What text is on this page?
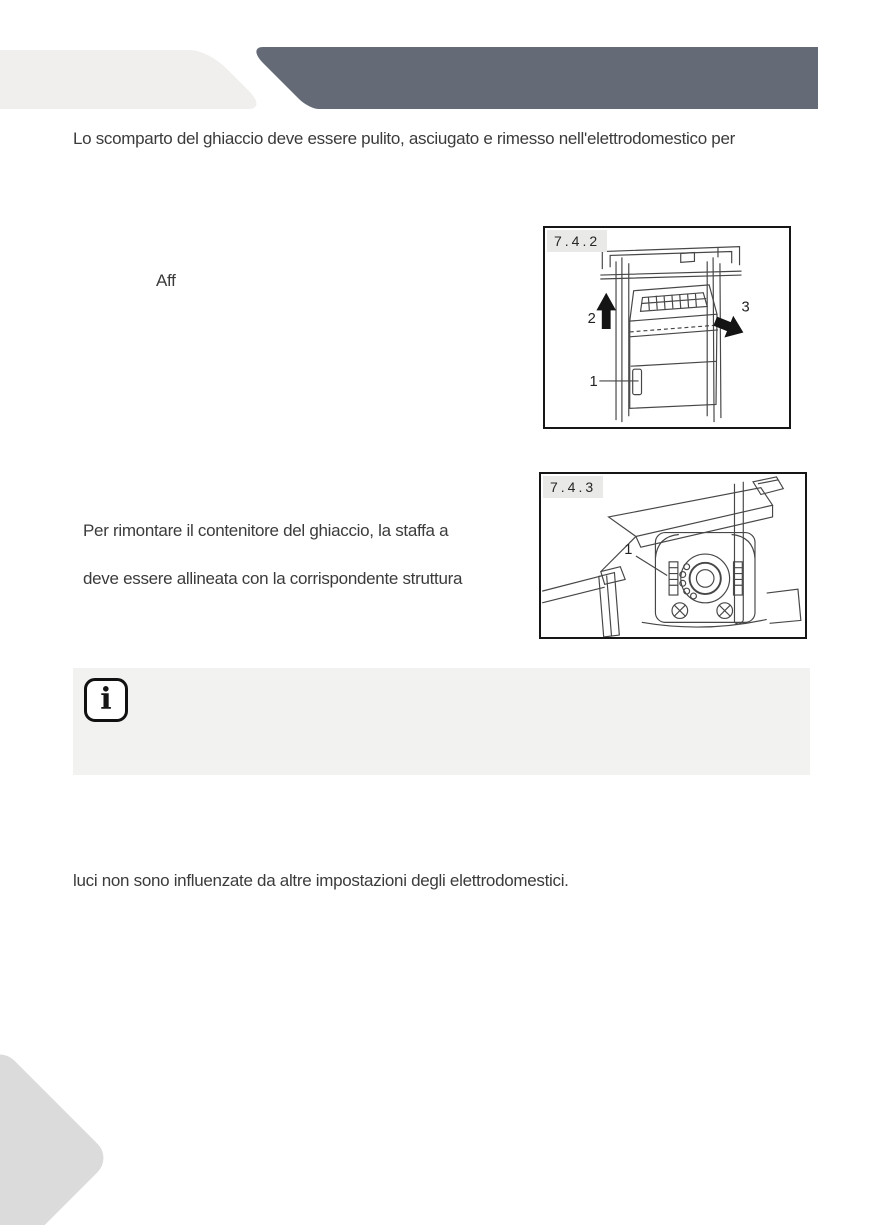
Lo scomparto del ghiaccio deve essere pulito, asciugato e rimesso nell'elettrodomestico per

Aff

7.4.2
2
3
1
7.4.3
1

Per rimontare il contenitore del ghiaccio, la staffa a

deve essere allineata con la corrispondente struttura

i

luci non sono influenzate da altre impostazioni degli elettrodomestici.
